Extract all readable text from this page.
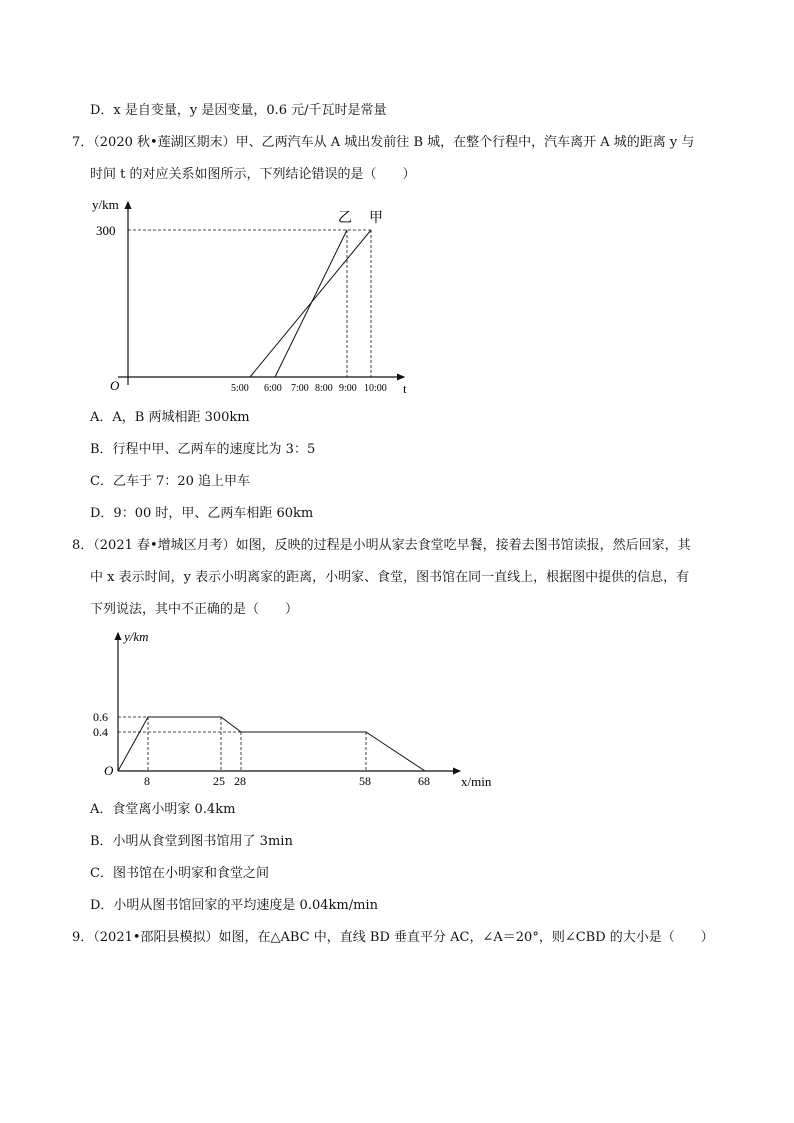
D．x 是自变量，y 是因变量，0.6 元/千瓦时是常量
7．（2020 秋•莲湖区期末）甲、乙两汽车从 A 城出发前往 B 城，在整个行程中，汽车离开 A 城的距离 y 与
时间 t 的对应关系如图所示，下列结论错误的是（　　）
y/km
O	t
300
乙 甲
5:00 6:00 7:00 8:00 9:00 10:00
A．A，B 两城相距 300km
B．行程中甲、乙两车的速度比为 3：5
C．乙车于 7：20 追上甲车
D．9：00 时，甲、乙两车相距 60km
8．（2021 春•增城区月考）如图，反映的过程是小明从家去食堂吃早餐，接着去图书馆读报，然后回家，其
中 x 表示时间，y 表示小明离家的距离，小明家、食堂，图书馆在同一直线上，根据图中提供的信息，有
下列说法，其中不正确的是（　　）
y/km
O
x/min
0.6
0.4
8	25 28	58	68
A．食堂离小明家 0.4km
B．小明从食堂到图书馆用了 3min
C．图书馆在小明家和食堂之间
D．小明从图书馆回家的平均速度是 0.04km/min
9．（2021•邵阳县模拟）如图，在△ABC 中，直线 BD 垂直平分 AC，∠A＝20°，则∠CBD 的大小是（　　）
